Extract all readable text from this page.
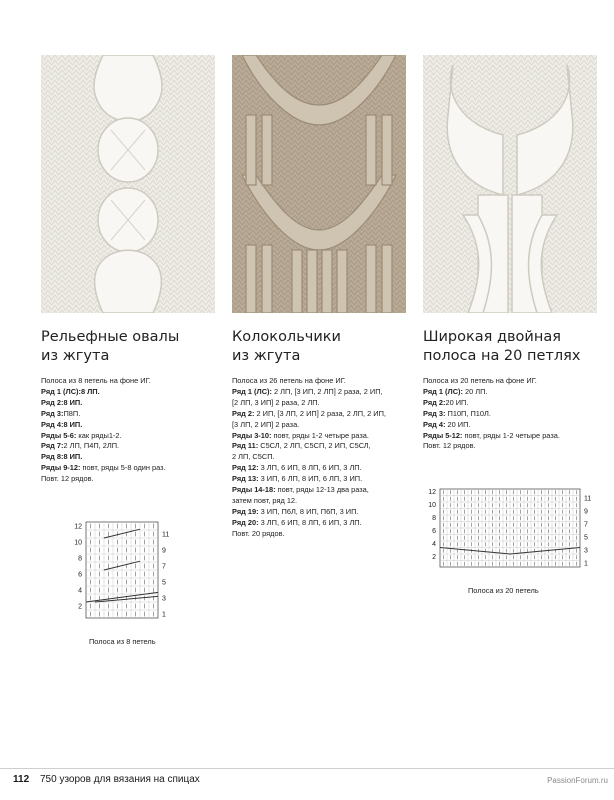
Рельефные овалы
из жгута
Колокольчики
из жгута
Широкая двойная
полоса на 20 петлях

Полоса из 8 петель на фоне ИГ.

Ряд 1 (ЛС):8 ЛП.

Ряд 2:8 ИП.

Ряд 3:П8П.

Ряд 4:8 ИП.

Ряды 5-6: как ряды1-2.

Ряд 7:2 ЛП, П4П, 2ЛП.

Ряд 8:8 ИП.

Ряды 9-12: повт, ряды 5-8 один раз.

Повт. 12 рядов.

Полоса из 26 петель на фоне ИГ.

Ряд 1 (ЛС): 2 ЛП, [3 ИП, 2 ЛП] 2 раза, 2 ИП,

[2 ЛП, 3 ИП] 2 раза, 2 ЛП.

Ряд 2: 2 ИП, [3 ЛП, 2 ИП] 2 раза, 2 ЛП, 2 ИП,

[3 ЛП, 2 ИП] 2 раза.

Ряды 3-10: повт, ряды 1-2 четыре раза.

Ряд 11: С5СЛ, 2 ЛП, С5СП, 2 ИП, С5СЛ,

2 ЛП, С5СП.

Ряд 12: 3 ЛП, 6 ИП, 8 ЛП, 6 ИП, 3 ЛП.

Ряд 13: 3 ИП, 6 ЛП, 8 ИП, 6 ЛП, 3 ИП.

Ряды 14-18: повт, ряды 12-13 два раза,

затем повт, ряд 12.

Ряд 19: 3 ИП, П6Л, 8 ИП, П6П, 3 ИП.

Ряд 20: 3 ЛП, 6 ИП, 8 ЛП, 6 ИП, 3 ЛП.

Повт. 20 рядов.

Полоса из 20 петель на фоне ИГ.

Ряд 1 (ЛС): 20 ЛП.

Ряд 2:20 ИП.

Ряд 3: П10П, П10Л.

Ряд 4: 20 ИП.

Ряды 5-12: повт, ряды 1-2 четыре раза.

Повт. 12 рядов.

12
10
8
6
4
2
11
9
7
5
3
1
Полоса из 8 петель
12
10
8
6
4
2
11
9
7
5
3
1
Полоса из 20 петель
112 750 узоров для вязания на спицах	PassionForum.ru
